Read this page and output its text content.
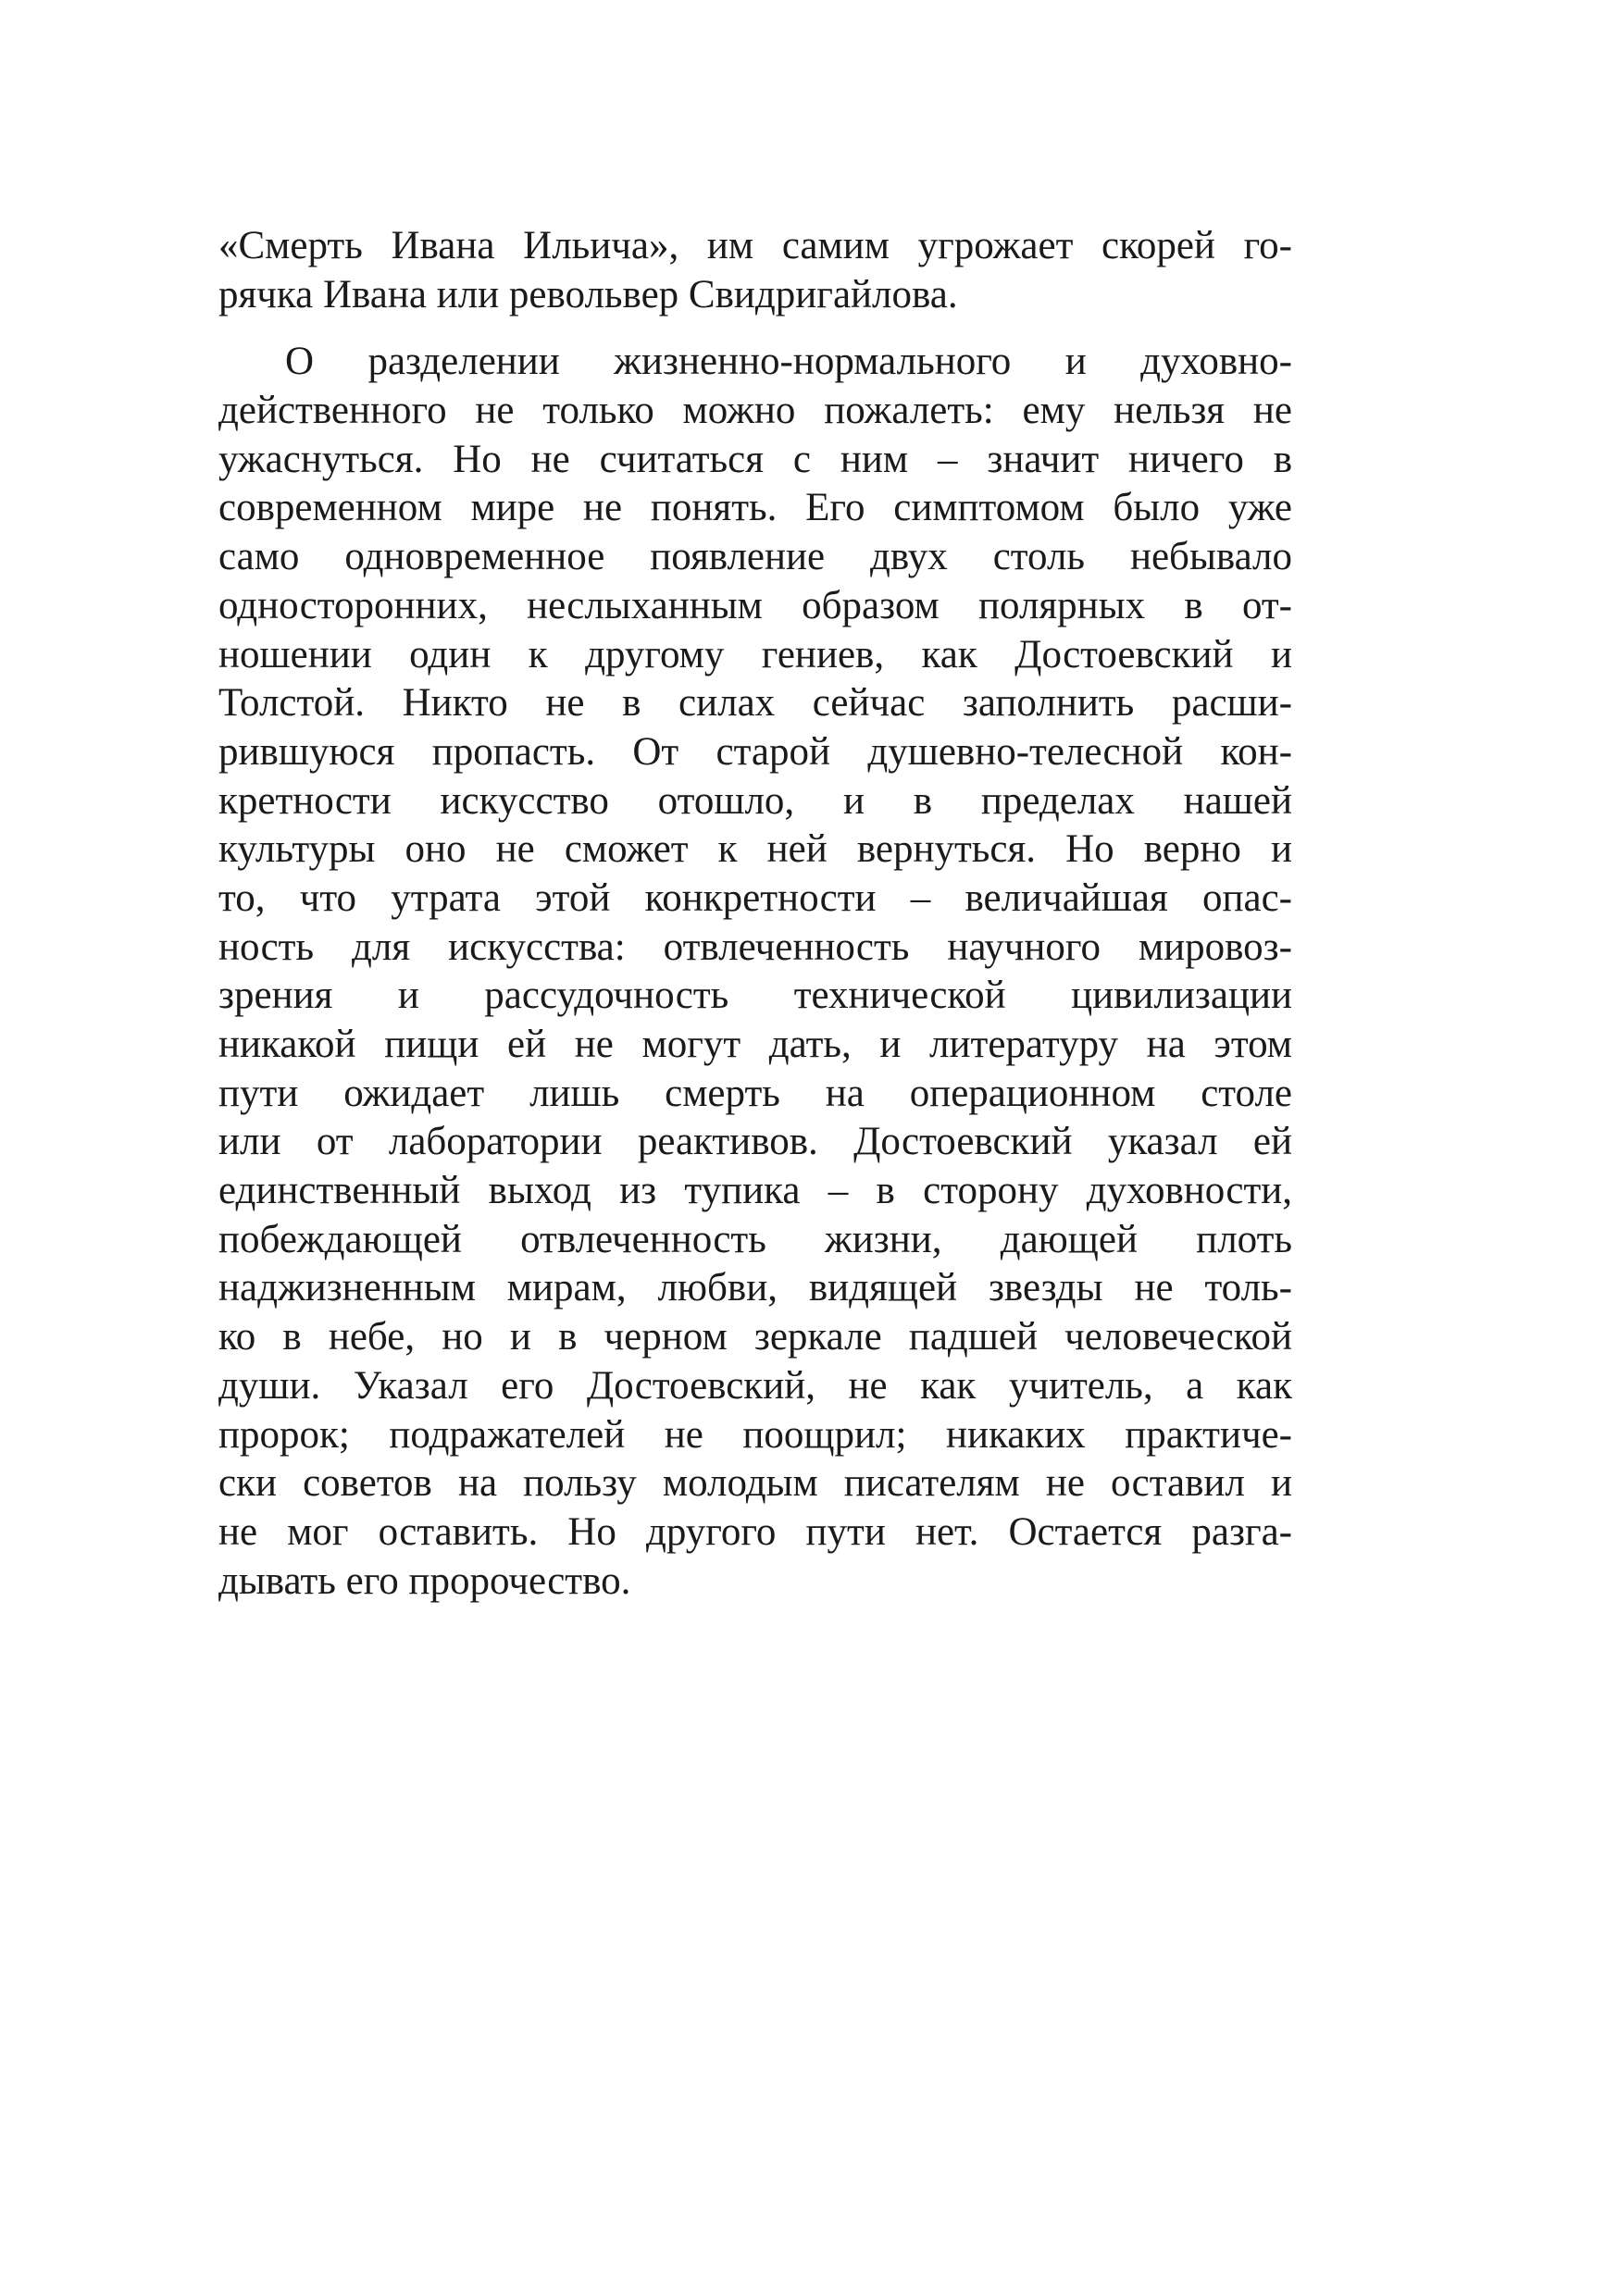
«Смерть Ивана Ильича», им самим угрожает скорей го-
рячка Ивана или револьвер Свидригайлова.
О разделении жизненно-нормального и духовно-
действенного не только можно пожалеть: ему нельзя не
ужаснуться. Но не считаться с ним – значит ничего в
современном мире не понять. Его симптомом было уже
само одновременное появление двух столь небывало
односторонних, неслыханным образом полярных в от-
ношении один к другому гениев, как Достоевский и
Толстой. Никто не в силах сейчас заполнить расши-
рившуюся пропасть. От старой душевно-телесной кон-
кретности искусство отошло, и в пределах нашей
культуры оно не сможет к ней вернуться. Но верно и
то, что утрата этой конкретности – величайшая опас-
ность для искусства: отвлеченность научного мировоз-
зрения и рассудочность технической цивилизации
никакой пищи ей не могут дать, и литературу на этом
пути ожидает лишь смерть на операционном столе
или от лаборатории реактивов. Достоевский указал ей
единственный выход из тупика – в сторону духовности,
побеждающей отвлеченность жизни, дающей плоть
наджизненным мирам, любви, видящей звезды не толь-
ко в небе, но и в черном зеркале падшей человеческой
души. Указал его Достоевский, не как учитель, а как
пророк; подражателей не поощрил; никаких практиче-
ски советов на пользу молодым писателям не оставил и
не мог оставить. Но другого пути нет. Остается разга-
дывать его пророчество.
